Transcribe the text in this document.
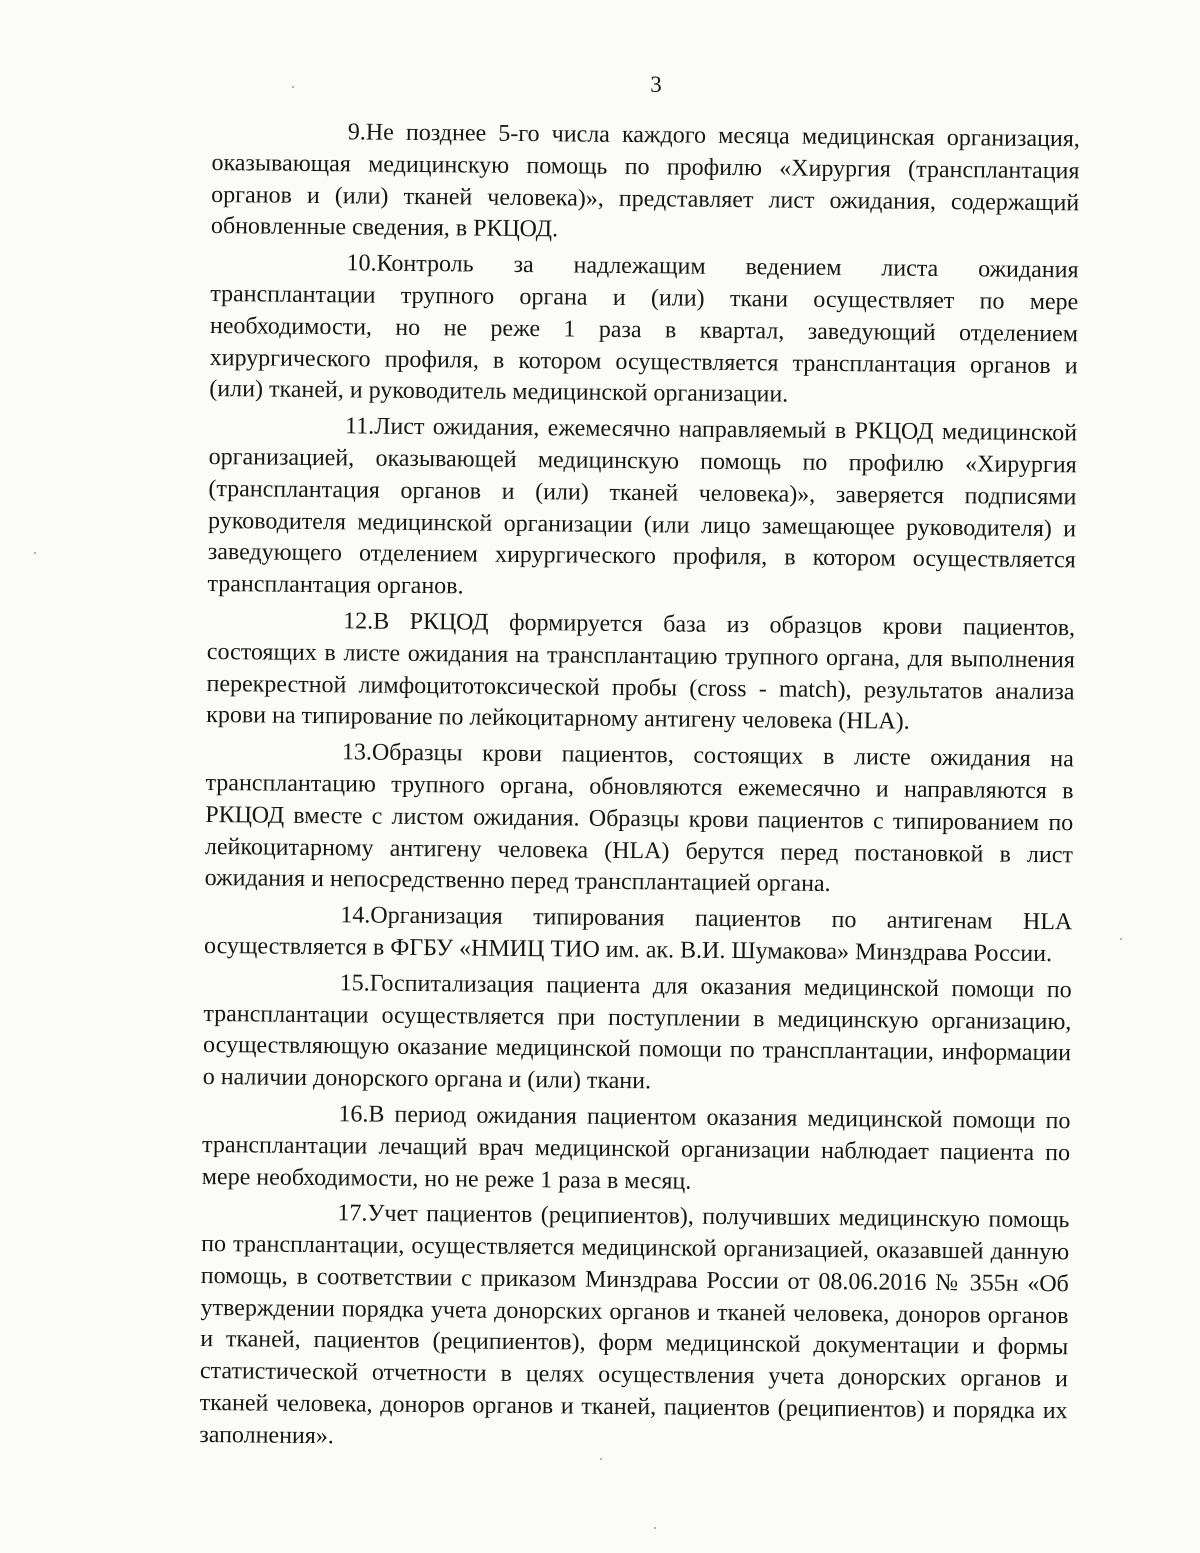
3

9.Не позднее 5-го числа каждого месяца медицинская организация, оказывающая медицинскую помощь по профилю «Хирургия (трансплантация органов и (или) тканей человека)», представляет лист ожидания, содержащий обновленные сведения, в РКЦОД.

10.Контроль за надлежащим ведением листа ожидания трансплантации трупного органа и (или) ткани осуществляет по мере необходимости, но не реже 1 раза в квартал, заведующий отделением хирургического профиля, в котором осуществляется трансплантация органов и (или) тканей, и руководитель медицинской организации.

11.Лист ожидания, ежемесячно направляемый в РКЦОД медицинской организацией, оказывающей медицинскую помощь по профилю «Хирургия (трансплантация органов и (или) тканей человека)», заверяется подписями руководителя медицинской организации (или лицо замещающее руководителя) и заведующего отделением хирургического профиля, в котором осуществляется трансплантация органов.

12.В РКЦОД формируется база из образцов крови пациентов, состоящих в листе ожидания на трансплантацию трупного органа, для выполнения перекрестной лимфоцитотоксической пробы (cross - match), результатов анализа крови на типирование по лейкоцитарному антигену человека (HLA).

13.Образцы крови пациентов, состоящих в листе ожидания на трансплантацию трупного органа, обновляются ежемесячно и направляются в РКЦОД вместе с листом ожидания. Образцы крови пациентов с типированием по лейкоцитарному антигену человека (HLA) берутся перед постановкой в лист ожидания и непосредственно перед трансплантацией органа.

14.Организация типирования пациентов по антигенам HLA осуществляется в ФГБУ «НМИЦ ТИО им. ак. В.И. Шумакова» Минздрава России.

15.Госпитализация пациента для оказания медицинской помощи по трансплантации осуществляется при поступлении в медицинскую организацию, осуществляющую оказание медицинской помощи по трансплантации, информации о наличии донорского органа и (или) ткани.

16.В период ожидания пациентом оказания медицинской помощи по трансплантации лечащий врач медицинской организации наблюдает пациента по мере необходимости, но не реже 1 раза в месяц.

17.Учет пациентов (реципиентов), получивших медицинскую помощь по трансплантации, осуществляется медицинской организацией, оказавшей данную помощь, в соответствии с приказом Минздрава России от 08.06.2016 № 355н «Об утверждении порядка учета донорских органов и тканей человека, доноров органов и тканей, пациентов (реципиентов), форм медицинской документации и формы статистической отчетности в целях осуществления учета донорских органов и тканей человека, доноров органов и тканей, пациентов (реципиентов) и порядка их заполнения».
